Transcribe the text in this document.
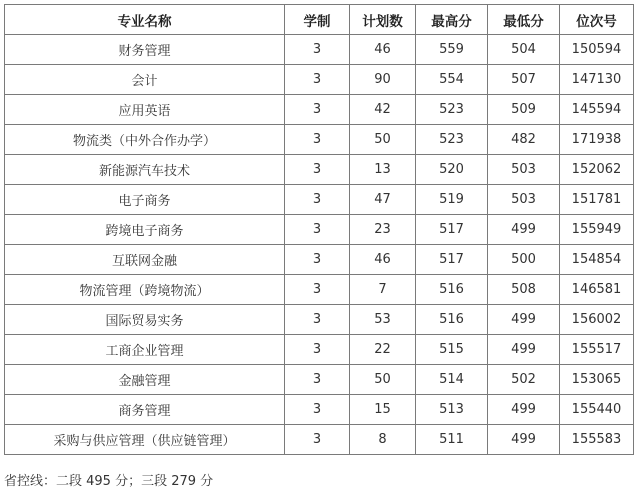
专业名称	学制	计划数	最高分	最低分	位次号
财务管理	3	46	559	504	150594
会计	3	90	554	507	147130
应用英语	3	42	523	509	145594
物流类（中外合作办学）	3	50	523	482	171938
新能源汽车技术	3	13	520	503	152062
电子商务	3	47	519	503	151781
跨境电子商务	3	23	517	499	155949
互联网金融	3	46	517	500	154854
物流管理（跨境物流）	3	7	516	508	146581
国际贸易实务	3	53	516	499	156002
工商企业管理	3	22	515	499	155517
金融管理	3	50	514	502	153065
商务管理	3	15	513	499	155440
采购与供应管理（供应链管理）	3	8	511	499	155583
省控线：二段 495 分；三段 279 分
